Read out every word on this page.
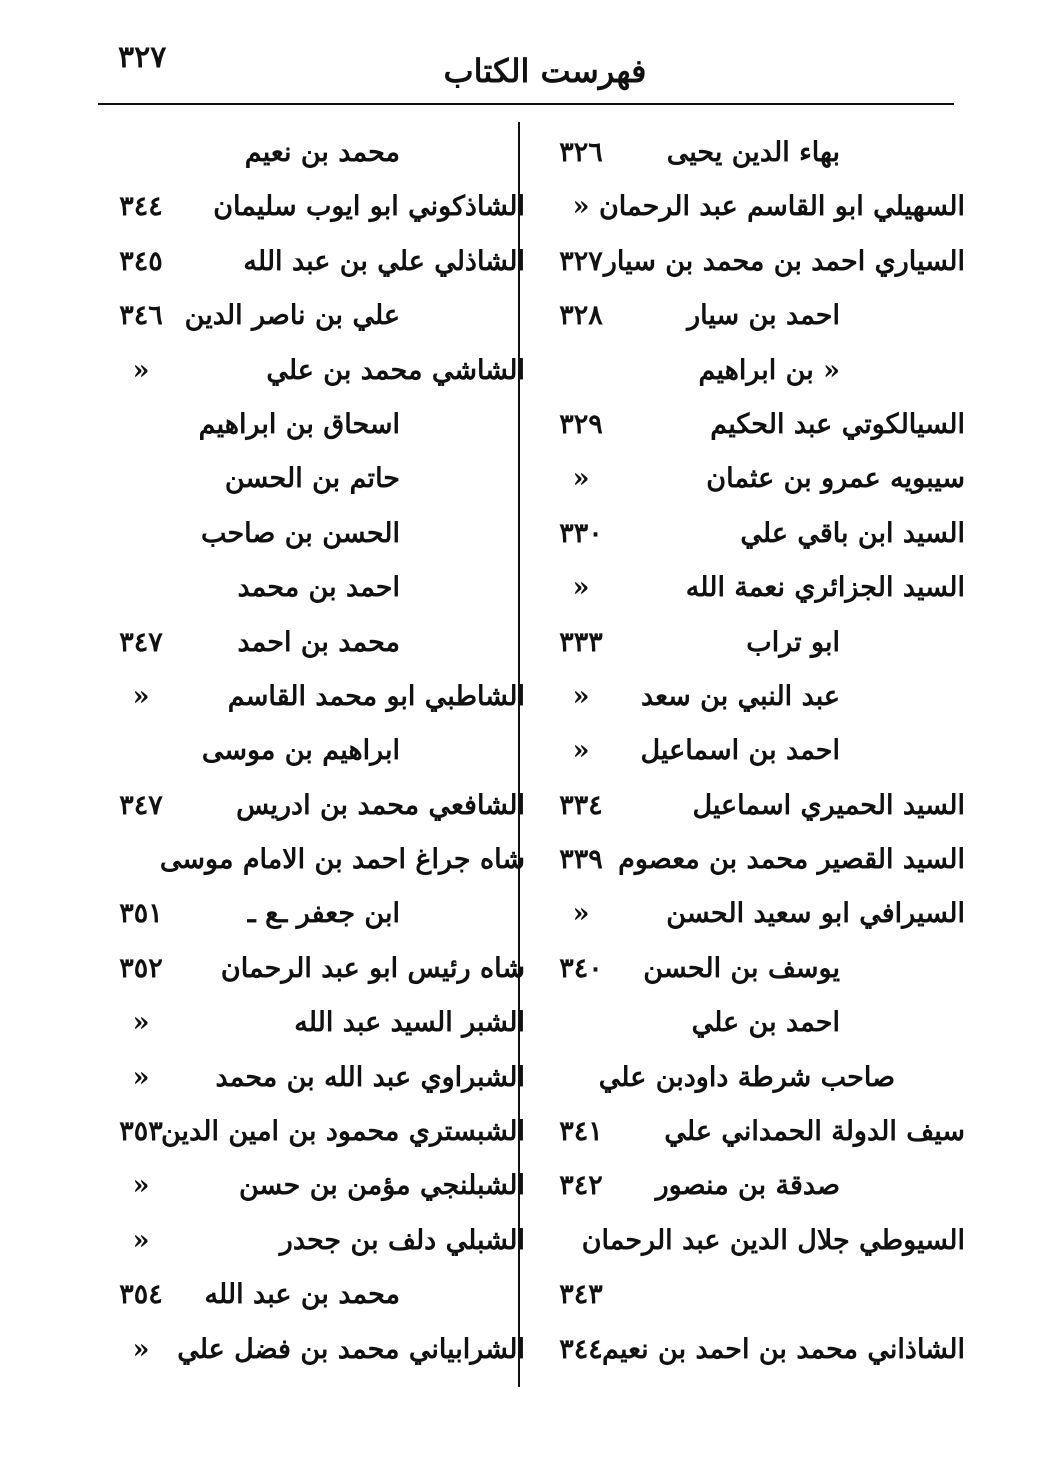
٣٢٧	فهرست الكتاب
بهاء الدين يحيى
٣٢٦
السهيلي ابو القاسم عبد الرحمان
«
السياري احمد بن محمد بن سيار
٣٢٧
احمد بن سيار
٣٢٨
« بن ابراهيم
السيالكوتي عبد الحكيم
٣٢٩
سيبويه عمرو بن عثمان
«
السيد ابن باقي علي
٣٣٠
السيد الجزائري نعمة الله
«
ابو تراب
٣٣٣
عبد النبي بن سعد
«
احمد بن اسماعيل
«
السيد الحميري اسماعيل
٣٣٤
السيد القصير محمد بن معصوم
٣٣٩
السيرافي ابو سعيد الحسن
«
يوسف بن الحسن
٣٤٠
احمد بن علي
صاحب شرطة داودبن علي
سيف الدولة الحمداني علي
٣٤١
صدقة بن منصور
٣٤٢
السيوطي جلال الدين عبد الرحمان
٣٤٣
الشاذاني محمد بن احمد بن نعيم
٣٤٤
محمد بن نعيم
الشاذكوني ابو ايوب سليمان
٣٤٤
الشاذلي علي بن عبد الله
٣٤٥
علي بن ناصر الدين
٣٤٦
الشاشي محمد بن علي
«
اسحاق بن ابراهيم
حاتم بن الحسن
الحسن بن صاحب
احمد بن محمد
محمد بن احمد
٣٤٧
الشاطبي ابو محمد القاسم
«
ابراهيم بن موسى
الشافعي محمد بن ادريس
٣٤٧
شاه جراغ احمد بن الامام موسى
ابن جعفر ـع ـ
٣٥١
شاه رئيس ابو عبد الرحمان
٣٥٢
الشبر السيد عبد الله
«
الشبراوي عبد الله بن محمد
«
الشبستري محمود بن امين الدين
٣٥٣
الشبلنجي مؤمن بن حسن
«
الشبلي دلف بن جحدر
«
محمد بن عبد الله
٣٥٤
الشرابياني محمد بن فضل علي
«
